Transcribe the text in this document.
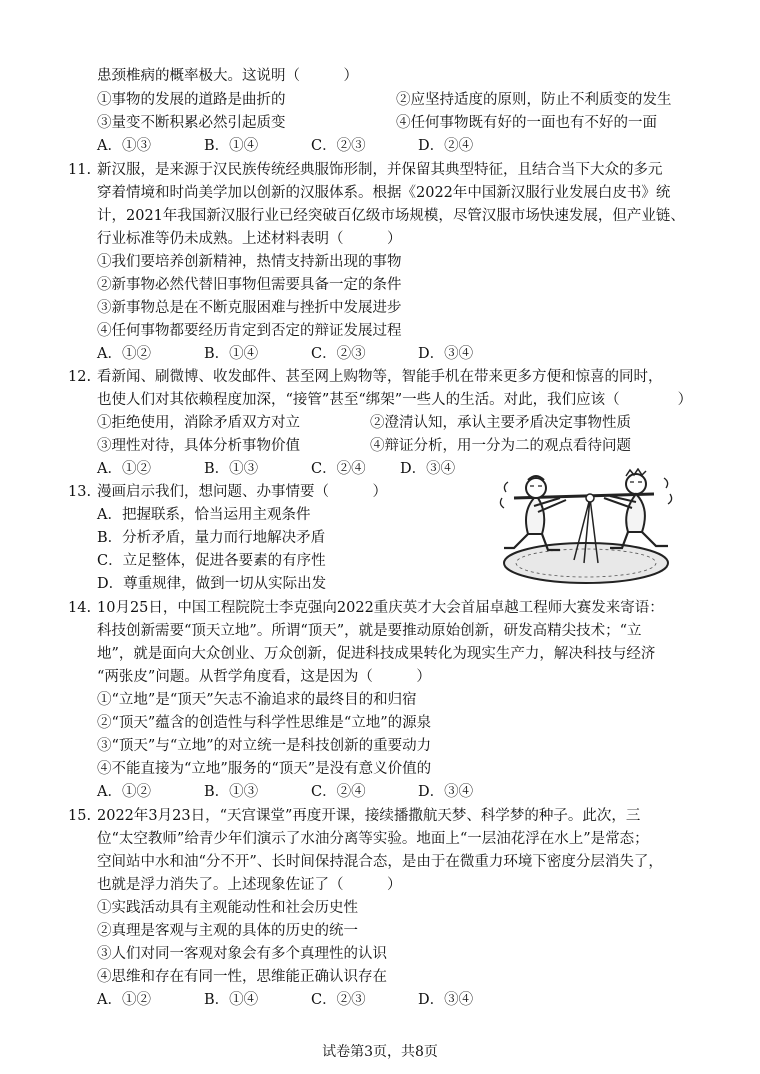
患颈椎病的概率极大。这说明（　　　）
①事物的发展的道路是曲折的	②应坚持适度的原则，防止不利质变的发生
③量变不断积累必然引起质变	④任何事物既有好的一面也有不好的一面
A．①③	B．①④	C．②③	D．②④
11. 新汉服，是来源于汉民族传统经典服饰形制，并保留其典型特征，且结合当下大众的多元
穿着情境和时尚美学加以创新的汉服体系。根据《2022年中国新汉服行业发展白皮书》统
计，2021年我国新汉服行业已经突破百亿级市场规模，尽管汉服市场快速发展，但产业链、
行业标准等仍未成熟。上述材料表明（　　　）
①我们要培养创新精神，热情支持新出现的事物
②新事物必然代替旧事物但需要具备一定的条件
③新事物总是在不断克服困难与挫折中发展进步
④任何事物都要经历肯定到否定的辩证发展过程
A．①②	B．①④	C．②③	D．③④
12. 看新闻、刷微博、收发邮件、甚至网上购物等，智能手机在带来更多方便和惊喜的同时，
也使人们对其依赖程度加深，“接管”甚至“绑架”一些人的生活。对此，我们应该（　　　　）
①拒绝使用，消除矛盾双方对立	②澄清认知，承认主要矛盾决定事物性质
③理性对待，具体分析事物价值	④辩证分析，用一分为二的观点看待问题
A．①②	B．①③	C．②④ D．③④
13. 漫画启示我们，想问题、办事情要（　　　）
A．把握联系，恰当运用主观条件
B．分析矛盾，量力而行地解决矛盾
C．立足整体，促进各要素的有序性
D．尊重规律，做到一切从实际出发
14. 10月25日，中国工程院院士李克强向2022重庆英才大会首届卓越工程师大赛发来寄语：
科技创新需要“顶天立地”。所谓“顶天”，就是要推动原始创新，研发高精尖技术；“立
地”，就是面向大众创业、万众创新，促进科技成果转化为现实生产力，解决科技与经济
“两张皮”问题。从哲学角度看，这是因为（　　　）
①“立地”是“顶天”矢志不渝追求的最终目的和归宿
②“顶天”蕴含的创造性与科学性思维是“立地”的源泉
③“顶天”与“立地”的对立统一是科技创新的重要动力
④不能直接为“立地”服务的“顶天”是没有意义价值的
A．①②	B．①③	C．②④	D．③④
15. 2022年3月23日，“天宫课堂”再度开课，接续播撒航天梦、科学梦的种子。此次，三
位“太空教师”给青少年们演示了水油分离等实验。地面上“一层油花浮在水上”是常态；
空间站中水和油“分不开”、长时间保持混合态，是由于在微重力环境下密度分层消失了，
也就是浮力消失了。上述现象佐证了（　　　）
①实践活动具有主观能动性和社会历史性
②真理是客观与主观的具体的历史的统一
③人们对同一客观对象会有多个真理性的认识
④思维和存在有同一性，思维能正确认识存在
A．①②	B．①④	C．②③	D．③④
试卷第3页，共8页
